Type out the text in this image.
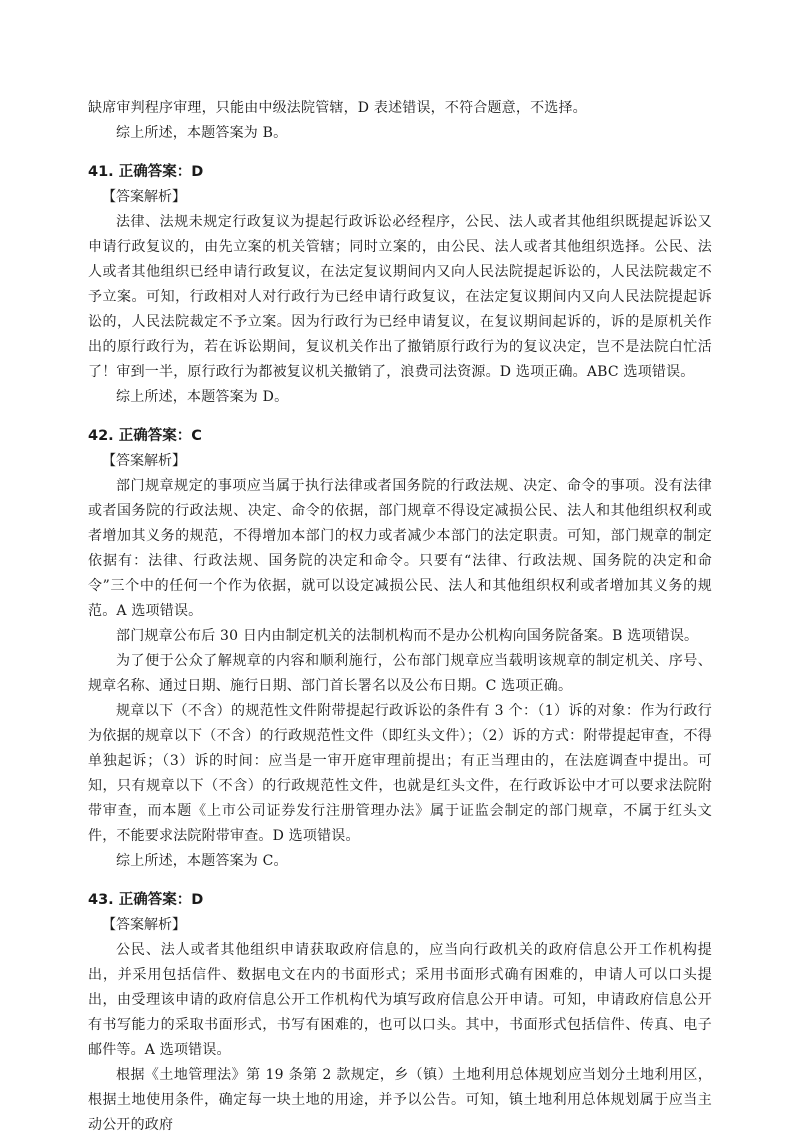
缺席审判程序审理，只能由中级法院管辖，D 表述错误，不符合题意，不选择。

综上所述，本题答案为 B。

41. 正确答案：D

【答案解析】

法律、法规未规定行政复议为提起行政诉讼必经程序，公民、法人或者其他组织既提起诉讼又申请行政复议的，由先立案的机关管辖；同时立案的，由公民、法人或者其他组织选择。公民、法人或者其他组织已经申请行政复议，在法定复议期间内又向人民法院提起诉讼的，人民法院裁定不予立案。可知，行政相对人对行政行为已经申请行政复议，在法定复议期间内又向人民法院提起诉讼的，人民法院裁定不予立案。因为行政行为已经申请复议，在复议期间起诉的，诉的是原机关作出的原行政行为，若在诉讼期间，复议机关作出了撤销原行政行为的复议决定，岂不是法院白忙活了！审到一半，原行政行为都被复议机关撤销了，浪费司法资源。D 选项正确。ABC 选项错误。

综上所述，本题答案为 D。

42. 正确答案：C

【答案解析】

部门规章规定的事项应当属于执行法律或者国务院的行政法规、决定、命令的事项。没有法律或者国务院的行政法规、决定、命令的依据，部门规章不得设定减损公民、法人和其他组织权利或者增加其义务的规范，不得增加本部门的权力或者减少本部门的法定职责。可知，部门规章的制定依据有：法律、行政法规、国务院的决定和命令。只要有“法律、行政法规、国务院的决定和命令”三个中的任何一个作为依据，就可以设定减损公民、法人和其他组织权利或者增加其义务的规范。A 选项错误。

部门规章公布后 30 日内由制定机关的法制机构而不是办公机构向国务院备案。B 选项错误。

为了便于公众了解规章的内容和顺利施行，公布部门规章应当载明该规章的制定机关、序号、规章名称、通过日期、施行日期、部门首长署名以及公布日期。C 选项正确。

规章以下（不含）的规范性文件附带提起行政诉讼的条件有 3 个：（1）诉的对象：作为行政行为依据的规章以下（不含）的行政规范性文件（即红头文件）；（2）诉的方式：附带提起审查，不得单独起诉；（3）诉的时间：应当是一审开庭审理前提出；有正当理由的，在法庭调查中提出。可知，只有规章以下（不含）的行政规范性文件，也就是红头文件，在行政诉讼中才可以要求法院附带审查，而本题《上市公司证券发行注册管理办法》属于证监会制定的部门规章，不属于红头文件，不能要求法院附带审查。D 选项错误。

综上所述，本题答案为 C。

43. 正确答案：D

【答案解析】

公民、法人或者其他组织申请获取政府信息的，应当向行政机关的政府信息公开工作机构提出，并采用包括信件、数据电文在内的书面形式；采用书面形式确有困难的，申请人可以口头提出，由受理该申请的政府信息公开工作机构代为填写政府信息公开申请。可知，申请政府信息公开有书写能力的采取书面形式，书写有困难的，也可以口头。其中，书面形式包括信件、传真、电子邮件等。A 选项错误。

根据《土地管理法》第 19 条第 2 款规定，乡（镇）土地利用总体规划应当划分土地利用区，根据土地使用条件，确定每一块土地的用途，并予以公告。可知，镇土地利用总体规划属于应当主动公开的政府
